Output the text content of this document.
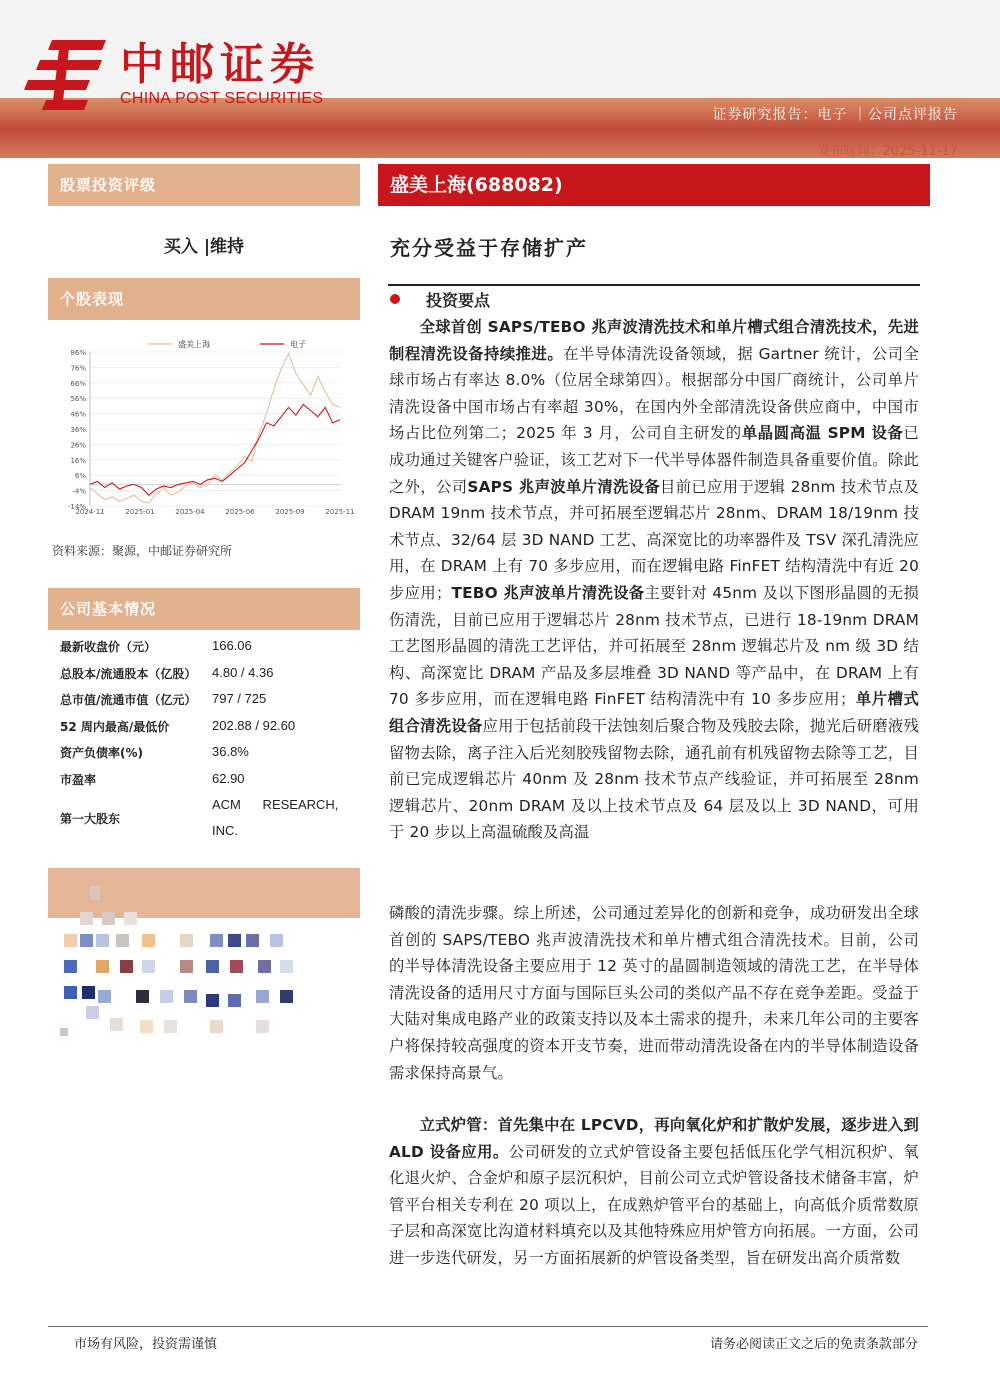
中邮证券
CHINA POST SECURITIES
证券研究报告：电子 ｜公司点评报告
发布时间：2025-11-17
股票投资评级
买入 |维持
个股表现
86%
76%
66%
56%
46%
36%
26%
16%
6%
-4%
-14%
2024-11	2025-01	2025-04	2025-06	2025-09	2025-11
盛美上海	电子
资料来源：聚源，中邮证券研究所
公司基本情况
最新收盘价（元）	166.06
总股本/流通股本（亿股） 4.80 / 4.36
总市值/流通市值（亿元） 797 / 725
52 周内最高/最低价	202.88 / 92.60
资产负债率(%)	36.8%
市盈率	62.90
第一大股东
ACM      RESEARCH,
INC.
盛美上海(688082)
充分受益于存储扩产
投资要点

全球首创 SAPS/TEBO 兆声波清洗技术和单片槽式组合清洗技术，先进制程清洗设备持续推进。在半导体清洗设备领域，据 Gartner 统计，公司全球市场占有率达 8.0%（位居全球第四）。根据部分中国厂商统计，公司单片清洗设备中国市场占有率超 30%，在国内外全部清洗设备供应商中，中国市场占比位列第二；2025 年 3 月，公司自主研发的单晶圆高温 SPM 设备已成功通过关键客户验证，该工艺对下一代半导体器件制造具备重要价值。除此之外，公司SAPS 兆声波单片清洗设备目前已应用于逻辑 28nm 技术节点及 DRAM 19nm 技术节点，并可拓展至逻辑芯片 28nm、DRAM 18/19nm 技术节点、32/64 层 3D NAND 工艺、高深宽比的功率器件及 TSV 深孔清洗应用，在 DRAM 上有 70 多步应用，而在逻辑电路 FinFET 结构清洗中有近 20 步应用；TEBO 兆声波单片清洗设备主要针对 45nm 及以下图形晶圆的无损伤清洗，目前已应用于逻辑芯片 28nm 技术节点，已进行 18-19nm DRAM 工艺图形晶圆的清洗工艺评估，并可拓展至 28nm 逻辑芯片及 nm 级 3D 结构、高深宽比 DRAM 产品及多层堆叠 3D NAND 等产品中，在 DRAM 上有 70 多步应用，而在逻辑电路 FinFET 结构清洗中有 10 多步应用；单片槽式组合清洗设备应用于包括前段干法蚀刻后聚合物及残胶去除，抛光后研磨液残留物去除，离子注入后光刻胶残留物去除，通孔前有机残留物去除等工艺，目前已完成逻辑芯片 40nm 及 28nm 技术节点产线验证，并可拓展至 28nm 逻辑芯片、20nm DRAM 及以上技术节点及 64 层及以上 3D NAND，可用于 20 步以上高温硫酸及高温

磷酸的清洗步骤。综上所述，公司通过差异化的创新和竞争，成功研发出全球首创的 SAPS/TEBO 兆声波清洗技术和单片槽式组合清洗技术。目前，公司的半导体清洗设备主要应用于 12 英寸的晶圆制造领域的清洗工艺，在半导体清洗设备的适用尺寸方面与国际巨头公司的类似产品不存在竞争差距。受益于大陆对集成电路产业的政策支持以及本土需求的提升，未来几年公司的主要客户将保持较高强度的资本开支节奏，进而带动清洗设备在内的半导体制造设备需求保持高景气。

立式炉管：首先集中在 LPCVD，再向氧化炉和扩散炉发展，逐步进入到 ALD 设备应用。公司研发的立式炉管设备主要包括低压化学气相沉积炉、氧化退火炉、合金炉和原子层沉积炉，目前公司立式炉管设备技术储备丰富，炉管平台相关专利在 20 项以上，在成熟炉管平台的基础上，向高低介质常数原子层和高深宽比沟道材料填充以及其他特殊应用炉管方向拓展。一方面，公司进一步迭代研发，另一方面拓展新的炉管设备类型，旨在研发出高介质常数

市场有风险，投资需谨慎	请务必阅读正文之后的免责条款部分
